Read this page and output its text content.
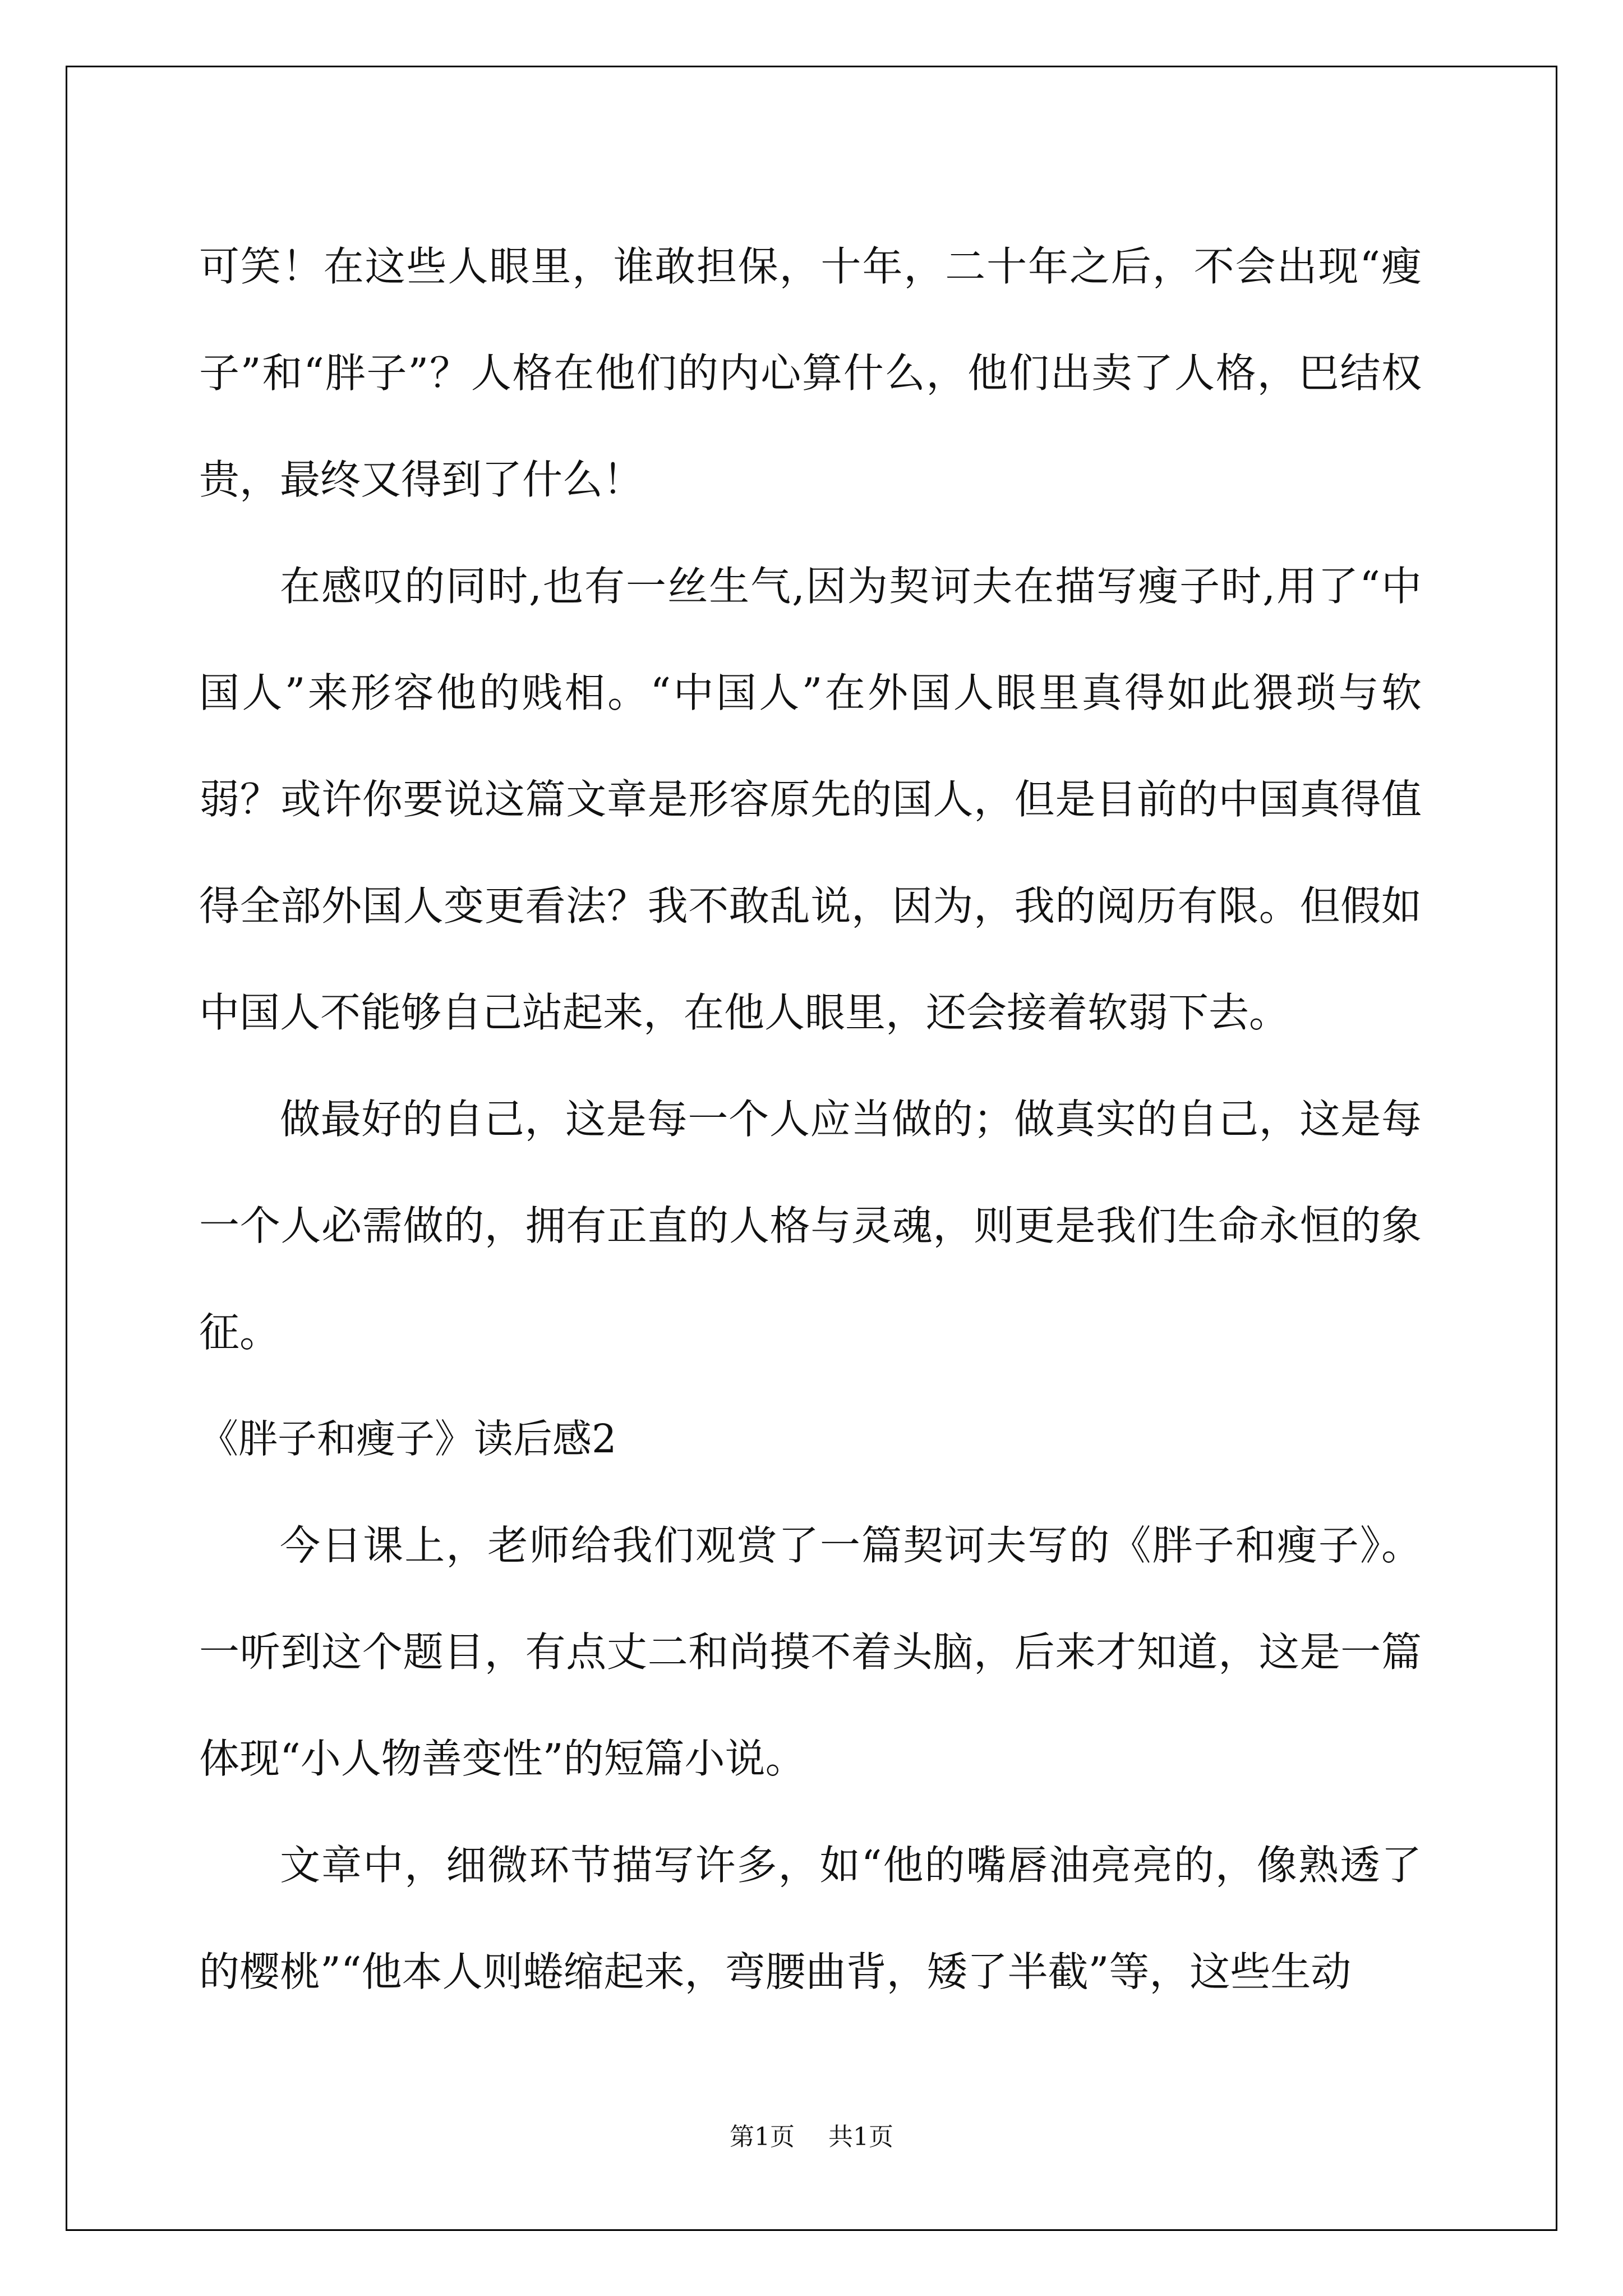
可笑！在这些人眼里，谁敢担保，十年，二十年之后，不会出现“瘦子”和“胖子”？人格在他们的内心算什么，他们出卖了人格，巴结权贵，最终又得到了什么！

在感叹的同时,也有一丝生气,因为契诃夫在描写瘦子时,用了“中国人”来形容他的贱相。“中国人”在外国人眼里真得如此猥琐与软弱？或许你要说这篇文章是形容原先的国人，但是目前的中国真得值得全部外国人变更看法？我不敢乱说，因为，我的阅历有限。但假如中国人不能够自己站起来，在他人眼里，还会接着软弱下去。

做最好的自己，这是每一个人应当做的；做真实的自己，这是每一个人必需做的，拥有正直的人格与灵魂，则更是我们生命永恒的象征。

《胖子和瘦子》读后感2

今日课上，老师给我们观赏了一篇契诃夫写的《胖子和瘦子》。一听到这个题目，有点丈二和尚摸不着头脑，后来才知道，这是一篇体现“小人物善变性”的短篇小说。

文章中，细微环节描写许多，如“他的嘴唇油亮亮的，像熟透了的樱桃”“他本人则蜷缩起来，弯腰曲背，矮了半截”等，这些生动

第1页 共1页
